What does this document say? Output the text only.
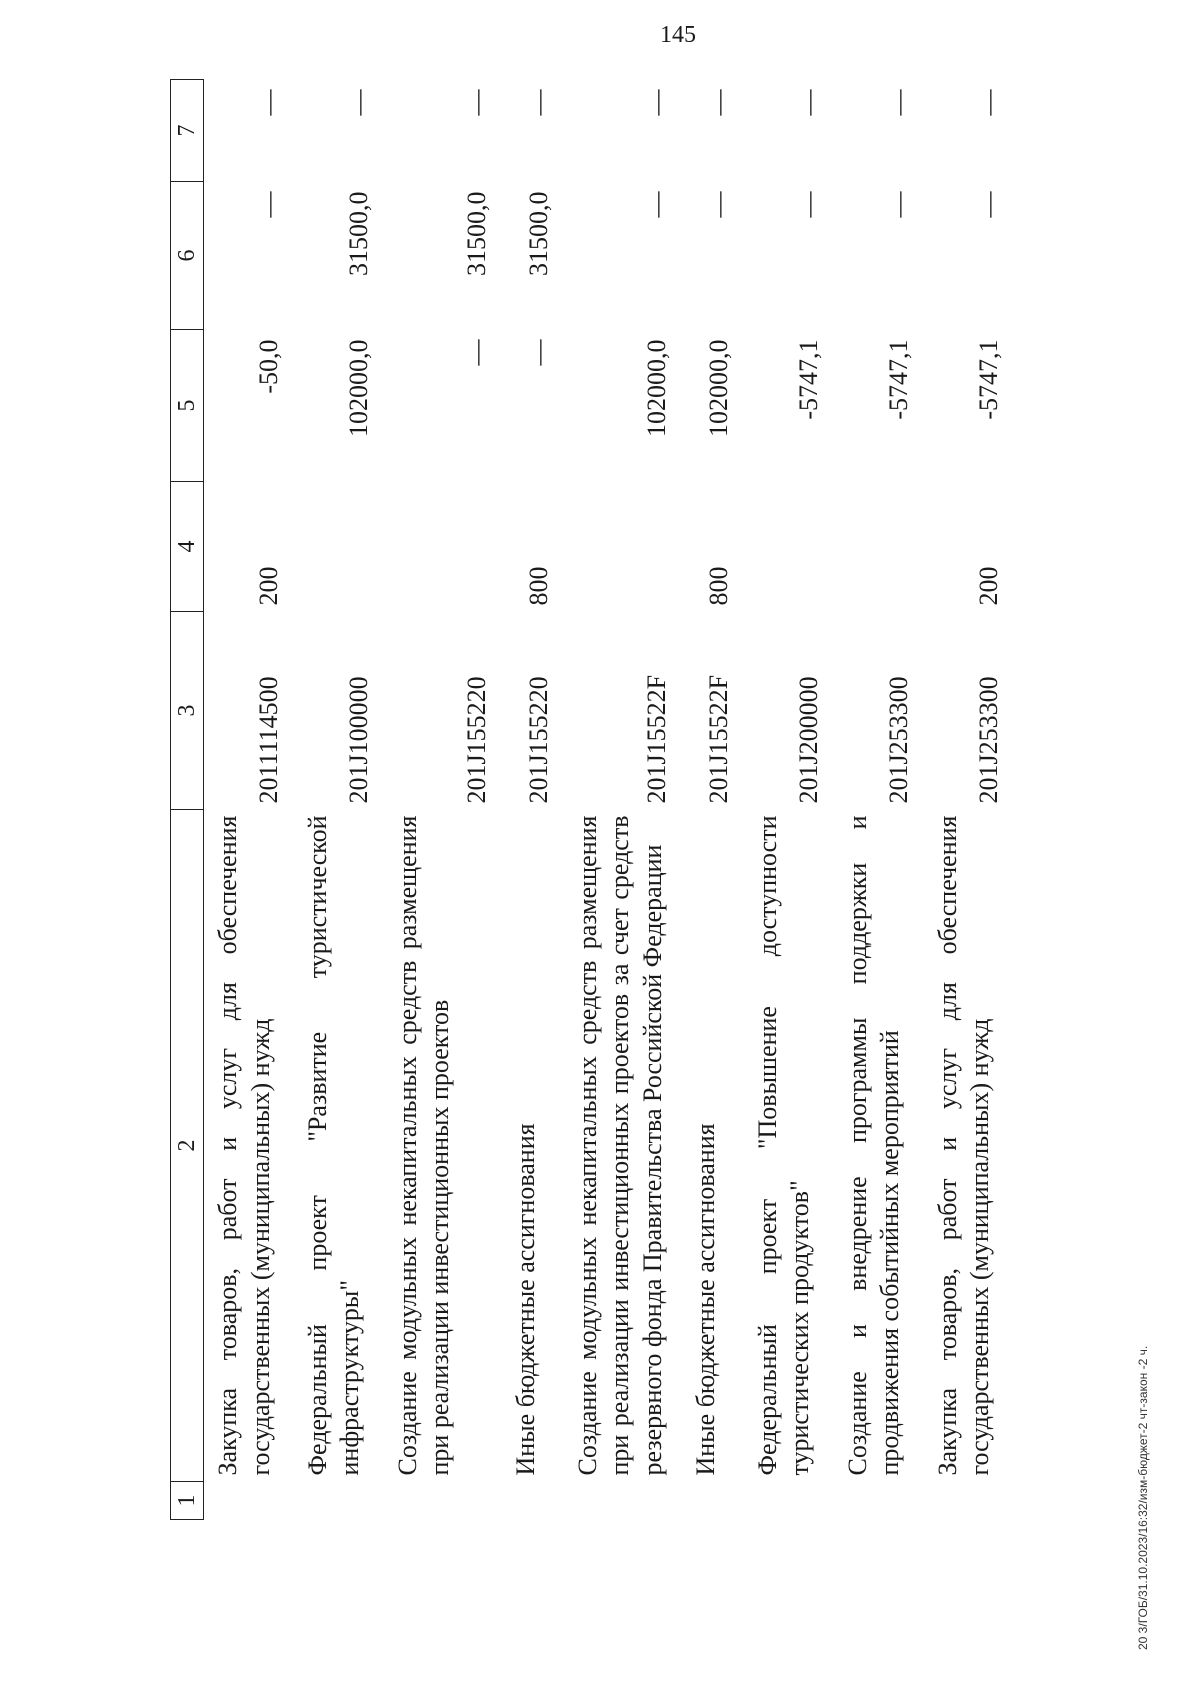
145
1	2	3	4	5	6	7
	Закупка товаров, работ и услуг для обеспечения государственных (муниципальных) нужд	2011114500	200	-50,0	—	—
	Федеральный проект "Развитие туристической инфраструктуры"	201J100000		102000,0	31500,0	—
	Создание модульных некапитальных средств размещения при реализации инвестиционных проектов	201J155220		—	31500,0	—
	Иные бюджетные ассигнования	201J155220	800	—	31500,0	—
	Создание модульных некапитальных средств размещения при реализации инвестиционных проектов за счет средств резервного фонда Правительства Российской Федерации	201J15522F		102000,0	—	—
	Иные бюджетные ассигнования	201J15522F	800	102000,0	—	—
	Федеральный проект "Повышение доступности туристических продуктов"	201J200000		-5747,1	—	—
	Создание и внедрение программы поддержки и продвижения событийных мероприятий	201J253300		-5747,1	—	—
	Закупка товаров, работ и услуг для обеспечения государственных (муниципальных) нужд	201J253300	200	-5747,1	—	—
20 3/ГОБ/31.10.2023/16:32/изм-бюджет-2 чт-закон -2 ч.
